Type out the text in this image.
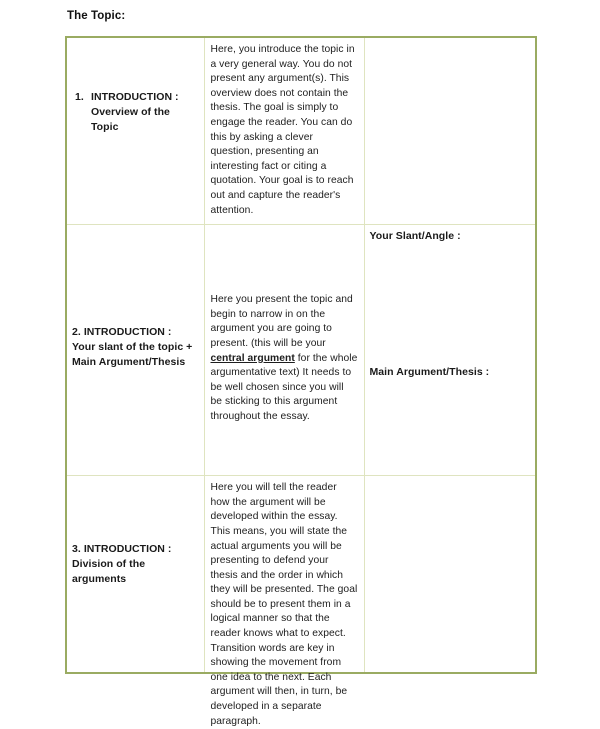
The Topic:
1. INTRODUCTION : Overview of the Topic	Here, you introduce the topic in a very general way. You do not present any argument(s). This overview does not contain the thesis. The goal is simply to engage the reader. You can do this by asking a clever question, presenting an interesting fact or citing a quotation. Your goal is to reach out and capture the reader's attention.	

2. INTRODUCTION : Your slant of the topic + Main Argument/Thesis	Here you present the topic and begin to narrow in on the argument you are going to present. (this will be your central argument for the whole argumentative text) It needs to be well chosen since you will be sticking to this argument throughout the essay.	Your Slant/Angle :
Main Argument/Thesis :

3. INTRODUCTION : Division of the arguments	Here you will tell the reader how the argument will be developed within the essay. This means, you will state the actual arguments you will be presenting to defend your thesis and the order in which they will be presented. The goal should be to present them in a logical manner so that the reader knows what to expect. Transition words are key in showing the movement from one idea to the next. Each argument will then, in turn, be developed in a separate paragraph.	
